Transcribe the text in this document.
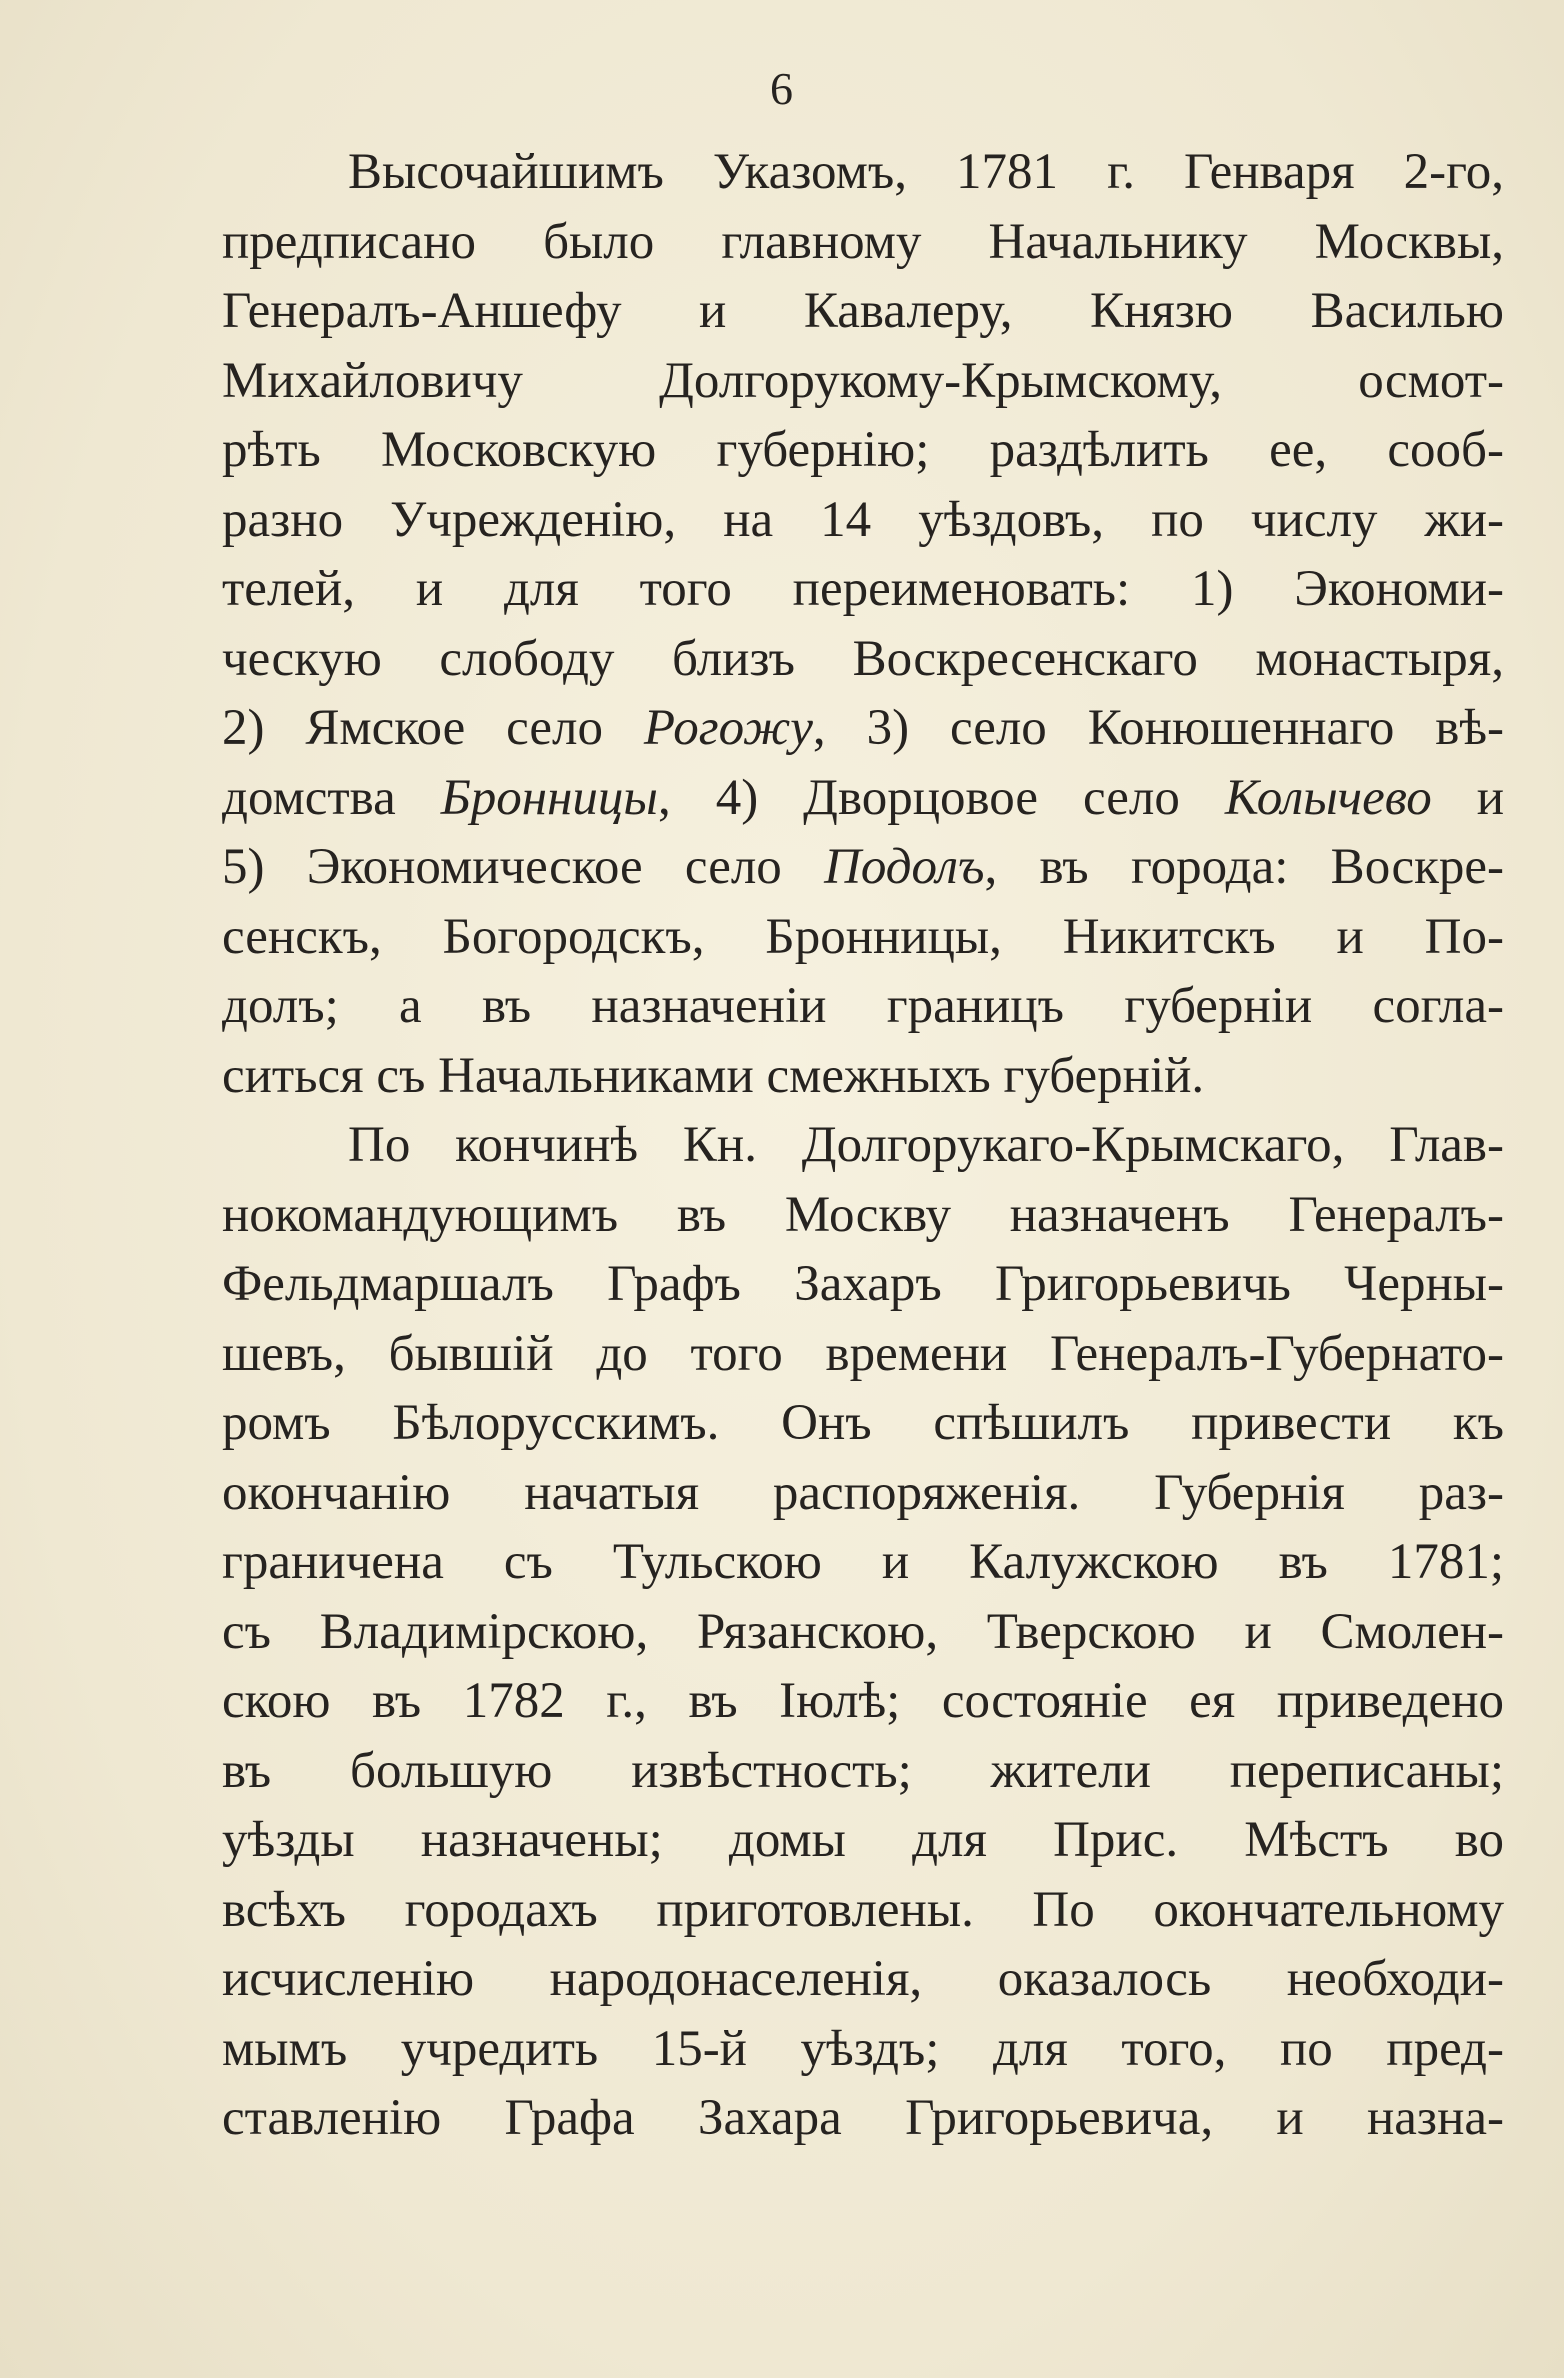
6
Высочайшимъ Указомъ, 1781 г. Генваря 2-го,
предписано было главному Начальнику Москвы,
Генералъ-Аншефу и Кавалеру, Князю Василью
Михайловичу Долгорукому-Крымскому, осмот-
рѣть Московскую губернію; раздѣлить ее, сооб-
разно Учрежденію, на 14 уѣздовъ, по числу жи-
телей, и для того переименовать: 1) Экономи-
ческую слободу близъ Воскресенскаго монастыря,
2) Ямское село Рогожу, 3) село Конюшеннаго вѣ-
домства Бронницы, 4) Дворцовое село Колычево и
5) Экономическое село Подолъ, въ города: Воскре-
сенскъ, Богородскъ, Бронницы, Никитскъ и По-
долъ; а въ назначеніи границъ губерніи согла-
ситься съ Начальниками смежныхъ губерній.
По кончинѣ Кн. Долгорукаго-Крымскаго, Глав-
нокомандующимъ въ Москву назначенъ Генералъ-
Фельдмаршалъ Графъ Захаръ Григорьевичь Черны-
шевъ, бывшій до того времени Генералъ-Губернато-
ромъ Бѣлорусскимъ. Онъ спѣшилъ привести къ
окончанію начатыя распоряженія. Губернія раз-
граничена съ Тульскою и Калужскою въ 1781;
съ Владимірскою, Рязанскою, Тверскою и Смолен-
скою въ 1782 г., въ Іюлѣ; состояніе ея приведено
въ большую извѣстность; жители переписаны;
уѣзды назначены; домы для Прис. Мѣстъ во
всѣхъ городахъ приготовлены. По окончательному
исчисленію народонаселенія, оказалось необходи-
мымъ учредить 15-й уѣздъ; для того, по пред-
ставленію Графа Захара Григорьевича, и назна-
